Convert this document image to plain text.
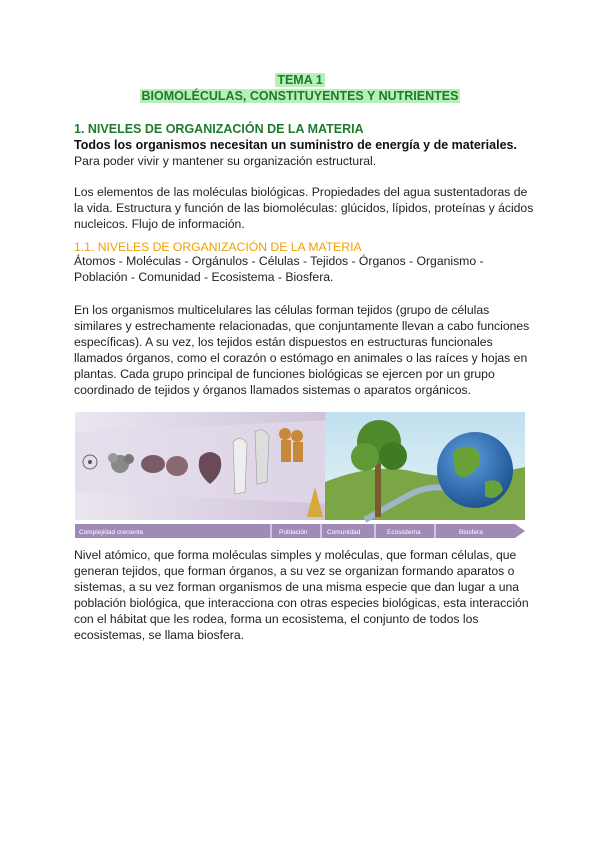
TEMA 1
BIOMOLÉCULAS, CONSTITUYENTES Y NUTRIENTES
1. NIVELES DE ORGANIZACIÓN DE LA MATERIA
Todos los organismos necesitan un suministro de energía y de materiales.

Para poder vivir y mantener su organización estructural.

Los elementos de las moléculas biológicas. Propiedades del agua sustentadoras de la vida. Estructura y función de las biomoléculas: glúcidos, lípidos, proteínas y ácidos nucleicos. Flujo de información.

1.1. NIVELES DE ORGANIZACIÓN DE LA MATERIA

Átomos - Moléculas - Orgánulos - Células - Tejidos - Órganos - Organismo - Población - Comunidad - Ecosistema - Biosfera.

En los organismos multicelulares las células forman tejidos (grupo de células similares y estrechamente relacionadas, que conjuntamente llevan a cabo funciones específicas). A su vez, los tejidos están dispuestos en estructuras funcionales llamados órganos, como el corazón o estómago en animales o las raíces y hojas en plantas. Cada grupo principal de funciones biológicas se ejercen por un grupo coordinado de tejidos y órganos llamados sistemas o aparatos orgánicos.

Complejidad creciente	Población	Comunidad	Ecosistema	Biosfera

Nivel atómico, que forma moléculas simples y moléculas, que forman células, que generan tejidos, que forman órganos, a su vez se organizan formando aparatos o sistemas, a su vez forman organismos de una misma especie que dan lugar a una población biológica, que interacciona con otras especies biológicas, esta interacción con el hábitat que les rodea, forma un ecosistema, el conjunto de todos los ecosistemas, se llama biosfera.
